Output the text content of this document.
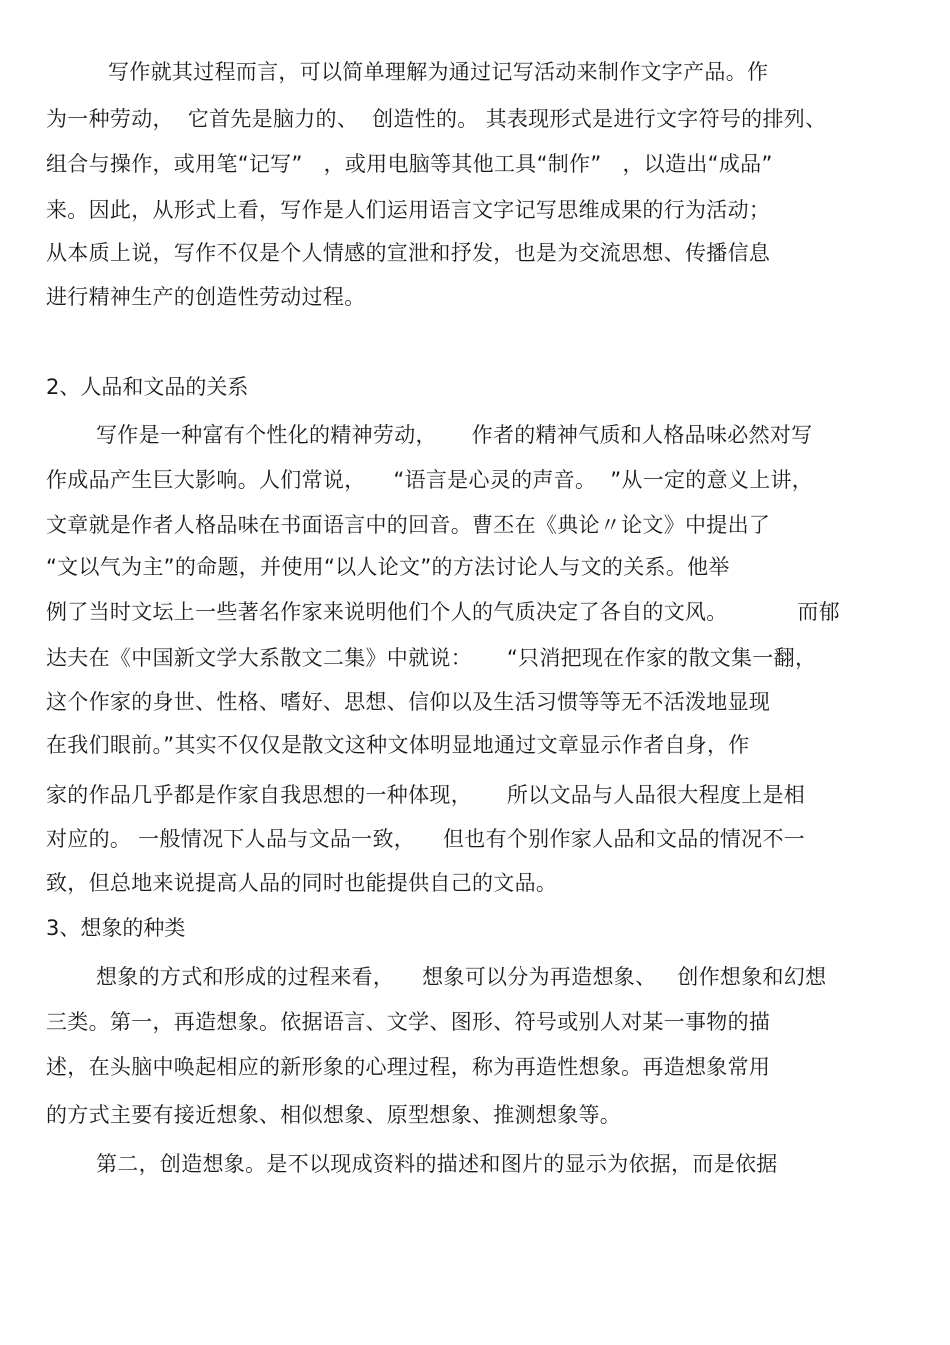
写作就其过程而言，可以简单理解为通过记写活动来制作文字产品。作
为一种劳动，  它首先是脑力的、  创造性的。 其表现形式是进行文字符号的排列、
组合与操作，或用笔“记写”   ，或用电脑等其他工具“制作”   ，以造出“成品”
来。因此，从形式上看，写作是人们运用语言文字记写思维成果的行为活动；
从本质上说，写作不仅是个人情感的宣泄和抒发，也是为交流思想、传播信息
进行精神生产的创造性劳动过程。
2、人品和文品的关系
写作是一种富有个性化的精神劳动，     作者的精神气质和人格品味必然对写
作成品产生巨大影响。人们常说，    “语言是心灵的声音。  ”从一定的意义上讲，
文章就是作者人格品味在书面语言中的回音。曹丕在《典论〃论文》中提出了
“文以气为主”的命题，并使用“以人论文”的方法讨论人与文的关系。他举
例了当时文坛上一些著名作家来说明他们个人的气质决定了各自的文风。          而郁
达夫在《中国新文学大系散文二集》中就说：     “只消把现在作家的散文集一翻，
这个作家的身世、性格、嗜好、思想、信仰以及生活习惯等等无不活泼地显现
在我们眼前。”其实不仅仅是散文这种文体明显地通过文章显示作者自身，作
家的作品几乎都是作家自我思想的一种体现，     所以文品与人品很大程度上是相
对应的。 一般情况下人品与文品一致，    但也有个别作家人品和文品的情况不一
致，但总地来说提高人品的同时也能提供自己的文品。
3、想象的种类
想象的方式和形成的过程来看，    想象可以分为再造想象、   创作想象和幻想
三类。第一，再造想象。依据语言、文学、图形、符号或别人对某一事物的描
述，在头脑中唤起相应的新形象的心理过程，称为再造性想象。再造想象常用
的方式主要有接近想象、相似想象、原型想象、推测想象等。
第二，创造想象。是不以现成资料的描述和图片的显示为依据，而是依据
